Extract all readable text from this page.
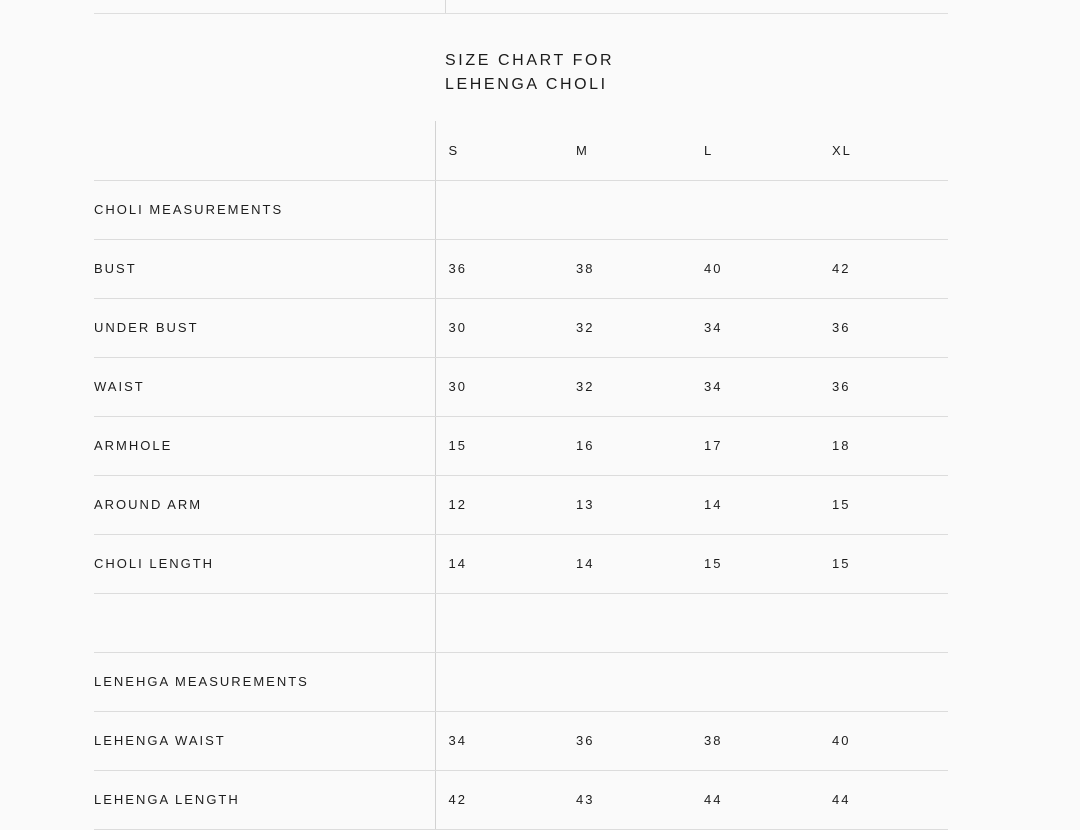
SIZE CHART FOR
LEHENGA CHOLI
	S	M	L	XL
CHOLI MEASUREMENTS				
BUST	36	38	40	42
UNDER BUST	30	32	34	36
WAIST	30	32	34	36
ARMHOLE	15	16	17	18
AROUND ARM	12	13	14	15
CHOLI LENGTH	14	14	15	15

LENEHGA MEASUREMENTS				
LEHENGA WAIST	34	36	38	40
LEHENGA LENGTH	42	43	44	44
